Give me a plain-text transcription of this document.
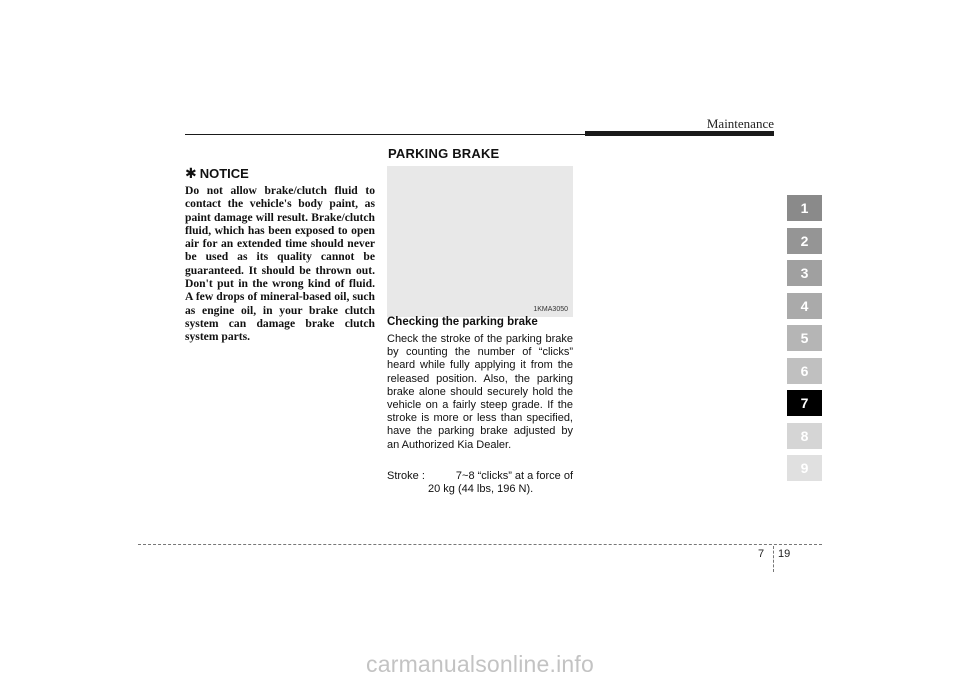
Maintenance
✱ NOTICE
Do not allow brake/clutch fluid to contact the vehicle's body paint, as paint damage will result. Brake/clutch fluid, which has been exposed to open air for an extended time should never be used as its quality cannot be guaranteed. It should be thrown out. Don't put in the wrong kind of fluid. A few drops of mineral-based oil, such as engine oil, in your brake clutch system can damage brake clutch system parts.
PARKING BRAKE
1KMA3050
Checking the parking brake
Check the stroke of the parking brake by counting the number of “clicks” heard while fully applying it from the released position. Also, the parking brake alone should securely hold the vehicle on a fairly steep grade. If the stroke is more or less than specified, have the parking brake adjusted by an Authorized Kia Dealer.
Stroke :	7~8 “clicks” at a force of
20 kg (44 lbs, 196 N).
1
2
3
4
5
6
7
8
9
7 19
carmanualsonline.info
